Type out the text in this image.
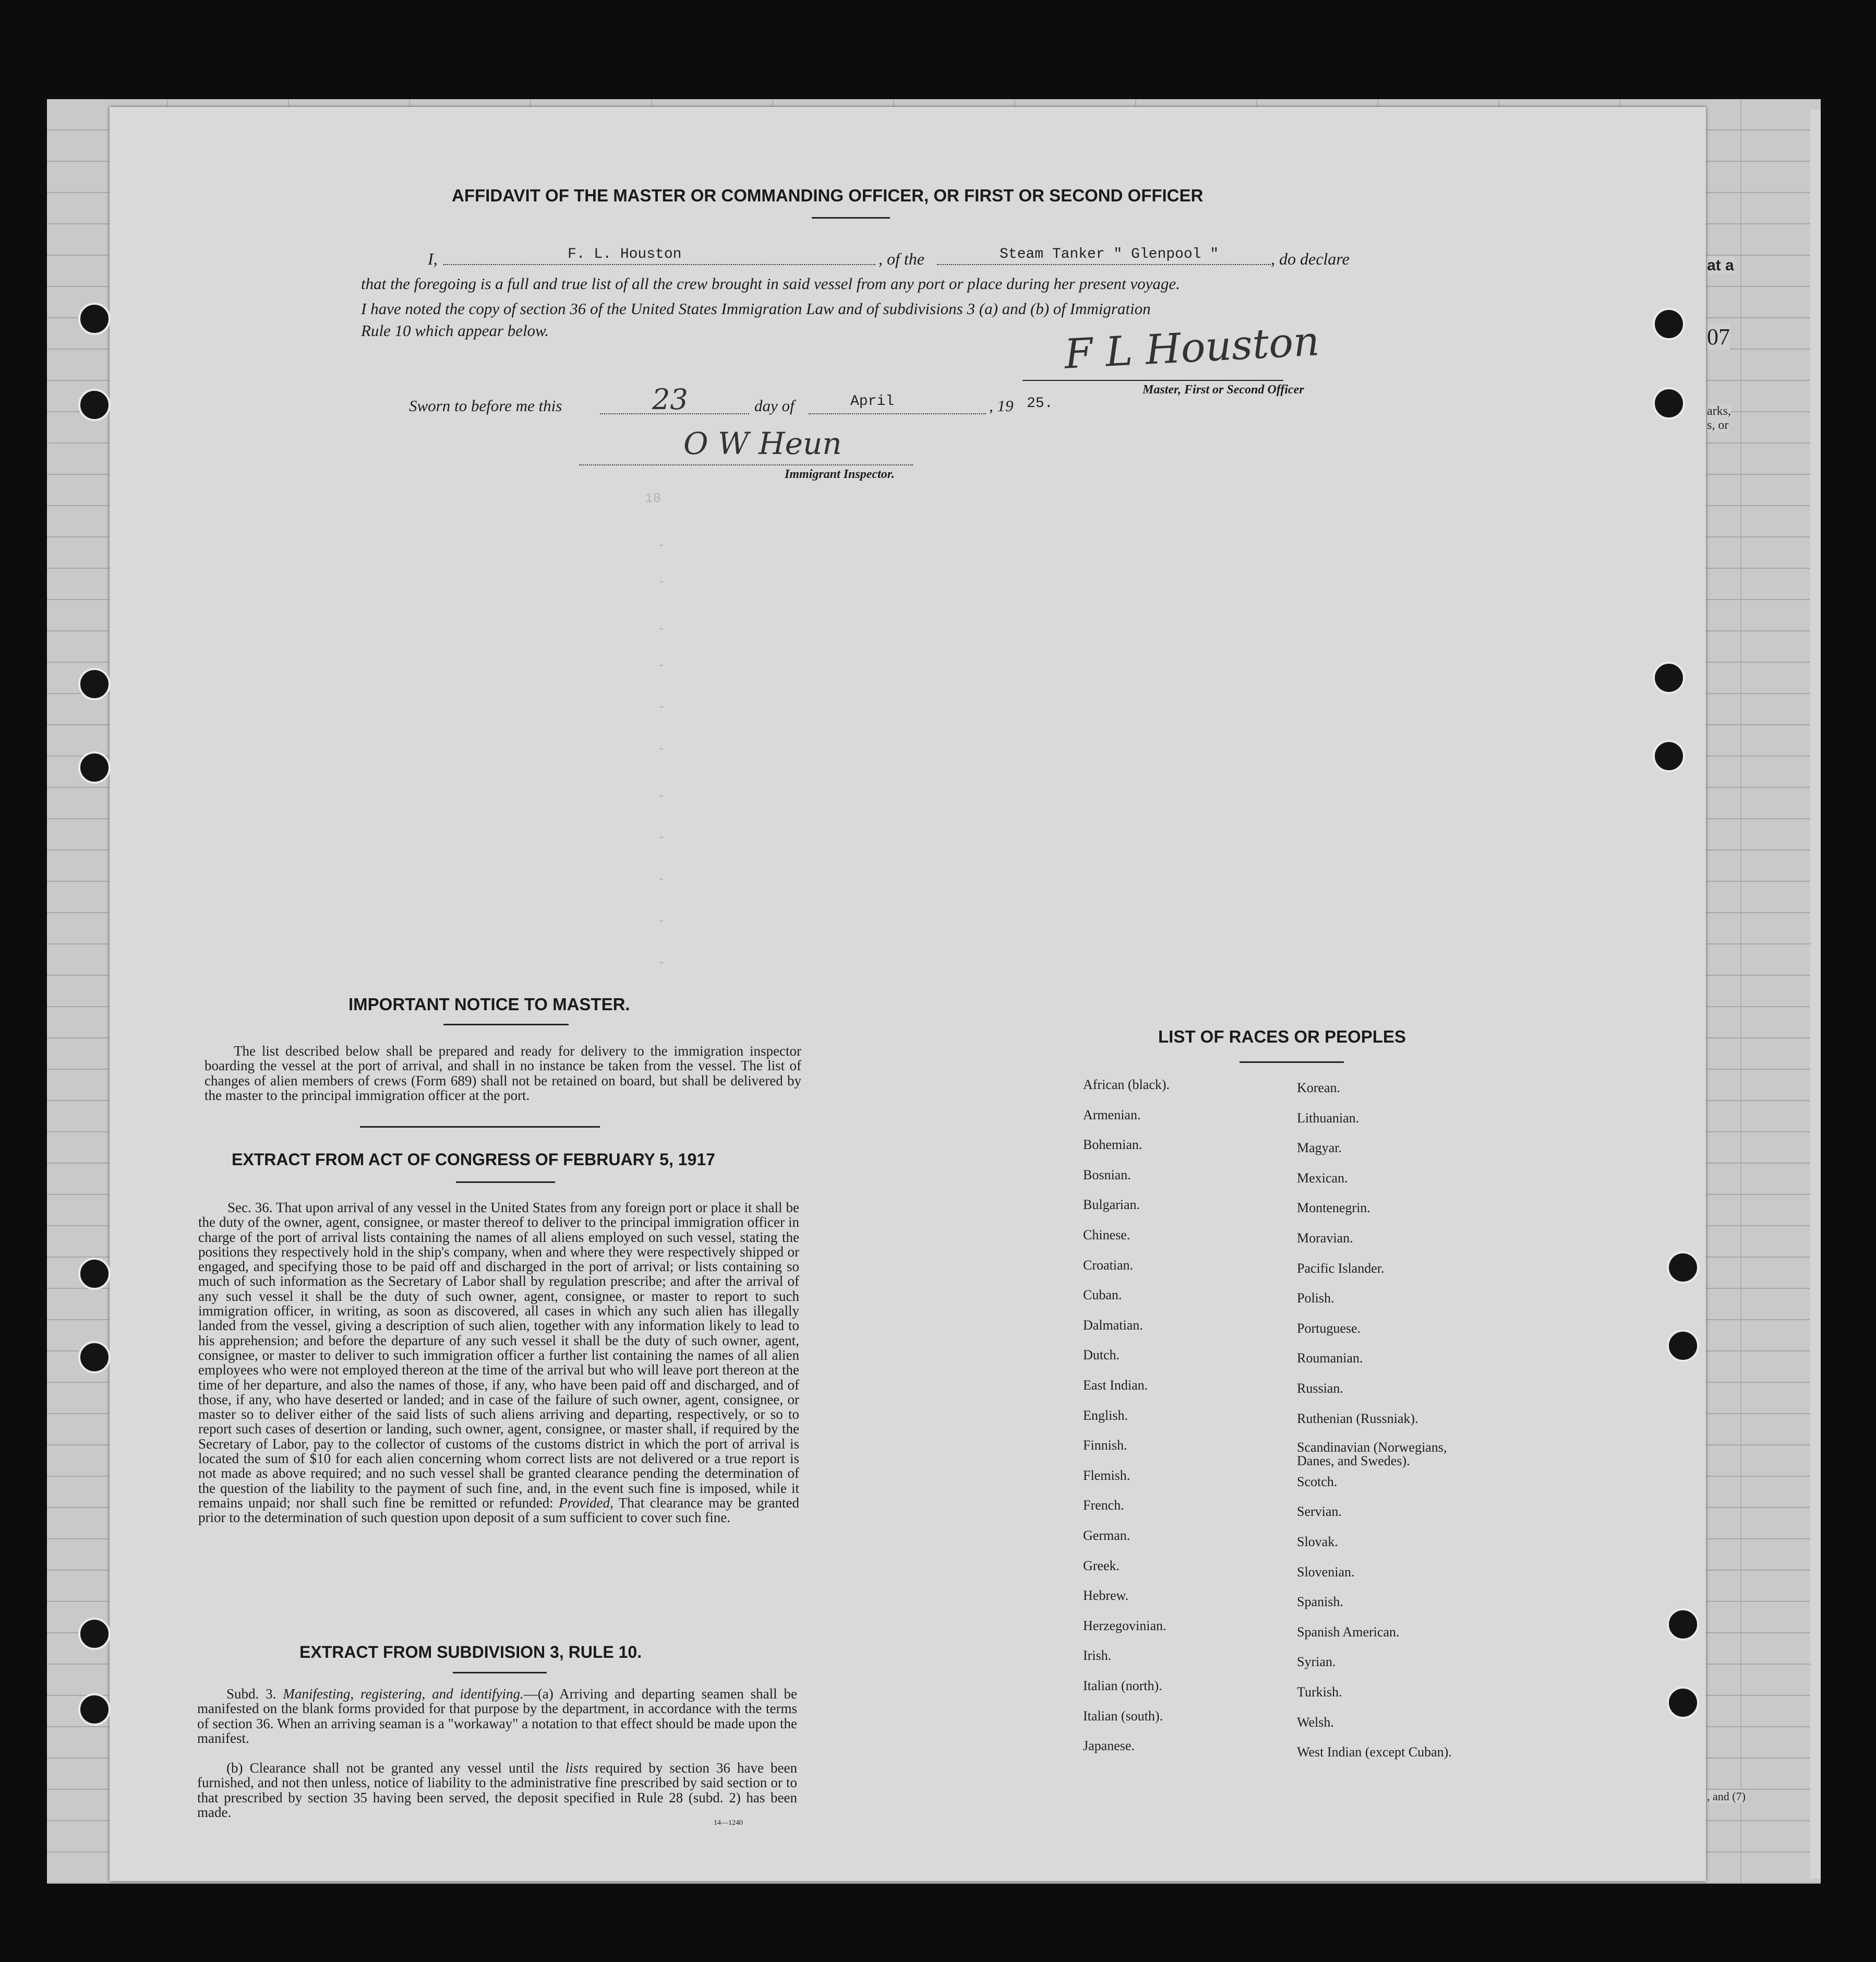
at a
07
arks,
s, or
, and (7)
AFFIDAVIT OF THE MASTER OR COMMANDING OFFICER, OR FIRST OR SECOND OFFICER
I,	F. L. Houston	, of the	Steam Tanker " Glenpool "	, do declare
that the foregoing is a full and true list of all the crew brought in said vessel from any port or place during her present voyage.
I have noted the copy of section 36 of the United States Immigration Law and of subdivisions 3 (a) and (b) of Immigration
Rule 10 which appear below.	F L Houston
Master, First or Second Officer
Sworn to before me this	23	day of	April	, 19 25.
O W Heun
Immigrant Inspector.
18
-
-
-
-
-
-
-
-
-
-
-
IMPORTANT NOTICE TO MASTER.
The list described below shall be prepared and ready for delivery to the immigration inspector boarding the vessel at the port of arrival, and shall in no instance be taken from the vessel. The list of changes of alien members of crews (Form 689) shall not be retained on board, but shall be delivered by the master to the principal immigration officer at the port.
EXTRACT FROM ACT OF CONGRESS OF FEBRUARY 5, 1917
Sec. 36. That upon arrival of any vessel in the United States from any foreign port or place it shall be the duty of the owner, agent, consignee, or master thereof to deliver to the principal immigration officer in charge of the port of arrival lists containing the names of all aliens employed on such vessel, stating the positions they respectively hold in the ship's company, when and where they were respectively shipped or engaged, and specifying those to be paid off and discharged in the port of arrival; or lists containing so much of such information as the Secretary of Labor shall by regulation prescribe; and after the arrival of any such vessel it shall be the duty of such owner, agent, consignee, or master to report to such immigration officer, in writing, as soon as discovered, all cases in which any such alien has illegally landed from the vessel, giving a description of such alien, together with any information likely to lead to his apprehension; and before the departure of any such vessel it shall be the duty of such owner, agent, consignee, or master to deliver to such immigration officer a further list containing the names of all alien employees who were not employed thereon at the time of the arrival but who will leave port thereon at the time of her departure, and also the names of those, if any, who have been paid off and discharged, and of those, if any, who have deserted or landed; and in case of the failure of such owner, agent, consignee, or master so to deliver either of the said lists of such aliens arriving and departing, respectively, or so to report such cases of desertion or landing, such owner, agent, consignee, or master shall, if required by the Secretary of Labor, pay to the collector of customs of the customs district in which the port of arrival is located the sum of $10 for each alien concerning whom correct lists are not delivered or a true report is not made as above required; and no such vessel shall be granted clearance pending the determination of the question of the liability to the payment of such fine, and, in the event such fine is imposed, while it remains unpaid; nor shall such fine be remitted or refunded: Provided, That clearance may be granted prior to the determination of such question upon deposit of a sum sufficient to cover such fine.
EXTRACT FROM SUBDIVISION 3, RULE 10.
Subd. 3. Manifesting, registering, and identifying.—(a) Arriving and departing seamen shall be manifested on the blank forms provided for that purpose by the department, in accordance with the terms of section 36. When an arriving seaman is a "workaway" a notation to that effect should be made upon the manifest.
(b) Clearance shall not be granted any vessel until the lists required by section 36 have been furnished, and not then unless, notice of liability to the administrative fine prescribed by said section or to that prescribed by section 35 having been served, the deposit specified in Rule 28 (subd. 2) has been made.
14—1240
LIST OF RACES OR PEOPLES
African (black).
Armenian.
Bohemian.
Bosnian.
Bulgarian.
Chinese.
Croatian.
Cuban.
Dalmatian.
Dutch.
East Indian.
English.
Finnish.
Flemish.
French.
German.
Greek.
Hebrew.
Herzegovinian.
Irish.
Italian (north).
Italian (south).
Japanese.
Korean.
Lithuanian.
Magyar.
Mexican.
Montenegrin.
Moravian.
Pacific Islander.
Polish.
Portuguese.
Roumanian.
Russian.
Ruthenian (Russniak).
Scandinavian (Norwegians, Danes, and Swedes).
Scotch.
Servian.
Slovak.
Slovenian.
Spanish.
Spanish American.
Syrian.
Turkish.
Welsh.
West Indian (except Cuban).
